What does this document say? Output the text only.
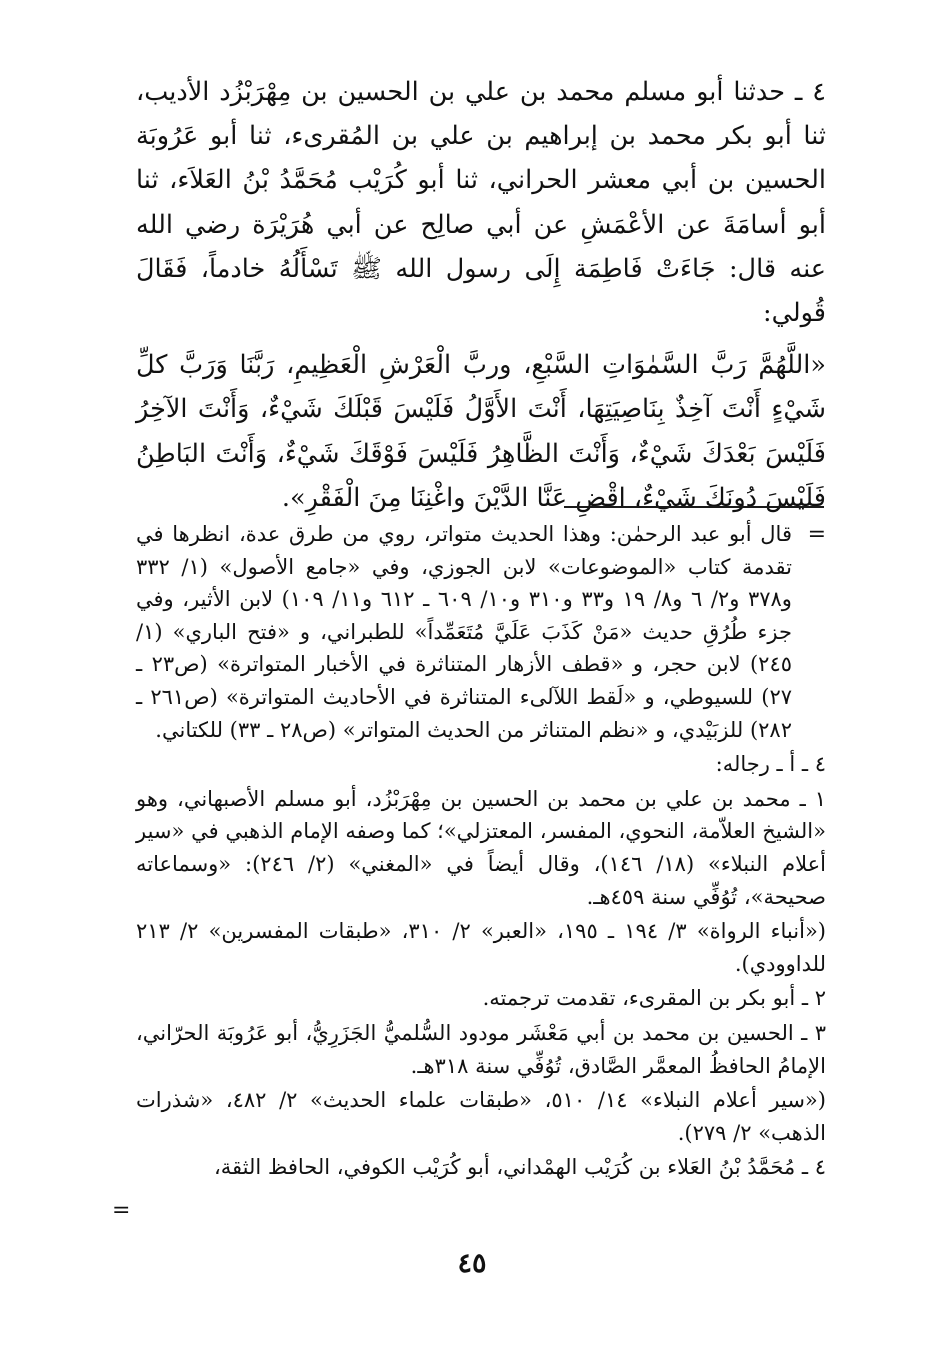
٤ ـ حدثنا أبو مسلم محمد بن علي بن الحسين بن مِهْرَبْزُد الأديب، ثنا أبو بكر محمد بن إبراهيم بن علي بن المُقرىء، ثنا أبو عَرُوبَة الحسين بن أبي معشر الحراني، ثنا أبو كُرَيْب مُحَمَّدُ بْنُ العَلاَء، ثنا أبو أسامَةَ عن الأعْمَشِ عن أبي صالِح عن أبي هُرَيْرَة رضي الله عنه قال: جَاءَتْ فَاطِمَة إِلَى رسول الله ﷺ تَسْأَلُهُ خادماً، فَقَالَ قُولي:

«اللَّهُمَّ رَبَّ السَّمٰوَاتِ السَّبْعِ، وربَّ الْعَرْشِ الْعَظِيمِ، رَبَّنَا وَرَبَّ كلِّ شَيْءٍ أَنْتَ آخِذٌ بِنَاصِيَتِهَا، أَنْتَ الأَوَّلُ فَلَيْسَ قَبْلَكَ شَيْءٌ، وَأَنْتَ الآخِرُ فَلَيْسَ بَعْدَكَ شَيْءٌ، وَأَنْتَ الظَّاهِرُ فَلَيْسَ فَوْقَكَ شَيْءٌ، وَأَنْتَ البَاطِنُ فَلَيْسَ دُونَكَ شَيْءٌ، اقْضِ عَنَّا الدَّيْنَ واغْنِنَا مِنَ الْفَقْرِ».

=

قال أبو عبد الرحمٰن: وهذا الحديث متواتر، روي من طرق عدة، انظرها في تقدمة كتاب «الموضوعات» لابن الجوزي، وفي «جامع الأصول» (١/ ٣٣٢ و٣٧٨ و٢/ ٦ و٨/ ١٩ و٣٣ و٣١٠ و١٠/ ٦٠٩ ـ ٦١٢ و١١/ ١٠٩) لابن الأثير، وفي جزء طُرُقِ حديث «مَنْ كَذَبَ عَلَيَّ مُتَعَمِّداً» للطبراني، و «فتح الباري» (١/ ٢٤٥) لابن حجر، و «قطف الأزهار المتناثرة في الأخبار المتواترة» (ص٢٣ ـ ٢٧) للسيوطي، و «لَقط اللآلىء المتناثرة في الأحاديث المتواترة» (ص٢٦١ ـ ٢٨٢) للزبَيْدي، و «نظم المتناثر من الحديث المتواتر» (ص٢٨ ـ ٣٣) للكتاني.

٤ ـ أ ـ رجاله:

١ ـ محمد بن علي بن محمد بن الحسين بن مِهْرَبْزُد، أبو مسلم الأصبهاني، وهو «الشيخ العلاّمة، النحوي، المفسر، المعتزلي»؛ كما وصفه الإمام الذهبي في «سير أعلام النبلاء» (١٨/ ١٤٦)، وقال أيضاً في «المغني» (٢/ ٢٤٦): «وسماعاته صحيحة»، تُوُفِّي سنة ٤٥٩هـ.

(«أنباء الرواة» ٣/ ١٩٤ ـ ١٩٥، «العبر» ٢/ ٣١٠، «طبقات المفسرين» ٢/ ٢١٣ للداوودي).

٢ ـ أبو بكر بن المقرىء، تقدمت ترجمته.

٣ ـ الحسين بن محمد بن أبي مَعْشَر مودود السُّلميُّ الجَزَرِيُّ، أبو عَرُوبَة الحرّاني، الإمامُ الحافظُ المعمَّر الصَّادق، تُوُفِّي سنة ٣١٨هـ.

(«سير أعلام النبلاء» ١٤/ ٥١٠، «طبقات علماء الحديث» ٢/ ٤٨٢، «شذرات الذهب» ٢/ ٢٧٩).

٤ ـ مُحَمَّدُ بْنُ العَلاء بن كُرَيْب الهمْداني، أبو كُرَيْب الكوفي، الحافظ الثقة،

=
٤٥
